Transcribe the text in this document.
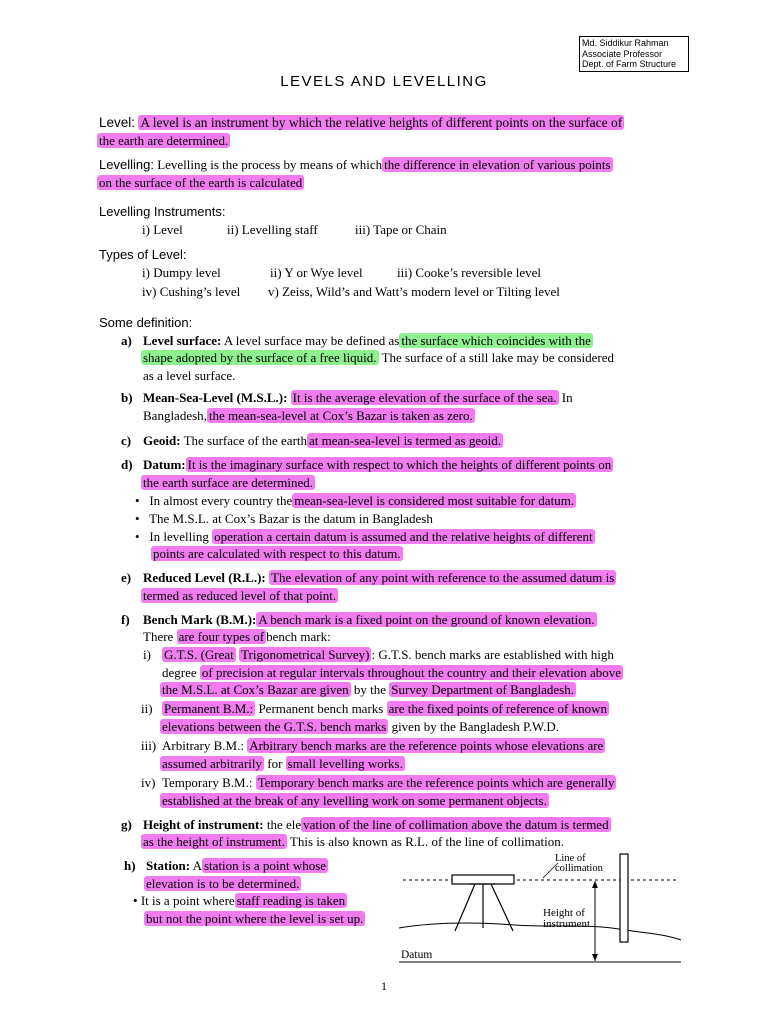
Md. Siddikur Rahman
Associate Professor
Dept. of Farm Structure
LEVELS AND LEVELLING
Level: A level is an instrument by which the relative heights of different points on the surface of
the earth are determined.
Levelling: Levelling is the process by means of which the difference in elevation of various points
on the surface of the earth is calculated
Levelling Instruments:
i) Level	ii) Levelling staff	iii) Tape or Chain
Types of Level:
i) Dumpy level	ii) Y or Wye level	iii) Cooke’s reversible level
iv) Cushing’s level v) Zeiss, Wild’s and Watt’s modern level or Tilting level
Some definition:
a) Level surface: A level surface may be defined as the surface which coincides with the
shape adopted by the surface of a free liquid. The surface of a still lake may be considered
as a level surface.
b) Mean-Sea-Level (M.S.L.): It is the average elevation of the surface of the sea. In
Bangladesh, the mean-sea-level at Cox’s Bazar is taken as zero.
c) Geoid: The surface of the earth at mean-sea-level is termed as geoid.
d) Datum: It is the imaginary surface with respect to which the heights of different points on
the earth surface are determined.
• In almost every country the mean-sea-level is considered most suitable for datum.
• The M.S.L. at Cox’s Bazar is the datum in Bangladesh
• In levelling operation a certain datum is assumed and the relative heights of different
points are calculated with respect to this datum.
e) Reduced Level (R.L.): The elevation of any point with reference to the assumed datum is
termed as reduced level of that point.
f) Bench Mark (B.M.): A bench mark is a fixed point on the ground of known elevation.
There are four types of bench mark:
i) G.T.S. (Great Trigonometrical Survey) : G.T.S. bench marks are established with high
degree of precision at regular intervals throughout the country and their elevation above
the M.S.L. at Cox’s Bazar are given by the Survey Department of Bangladesh.
ii) Permanent B.M.: Permanent bench marks are the fixed points of reference of known
elevations between the G.T.S. bench marks given by the Bangladesh P.W.D.
iii) Arbitrary B.M.: Arbitrary bench marks are the reference points whose elevations are
assumed arbitrarily for small levelling works.
iv) Temporary B.M.: Temporary bench marks are the reference points which are generally
established at the break of any levelling work on some permanent objects.
g) Height of instrument: the ele vation of the line of collimation above the datum is termed
as the height of instrument. This is also known as R.L. of the line of collimation.
h) Station: A station is a point whose
elevation is to be determined.
• It is a point where staff reading is taken
but not the point where the level is set up.
Line of
collimation
Height of
instrument
Datum
1
